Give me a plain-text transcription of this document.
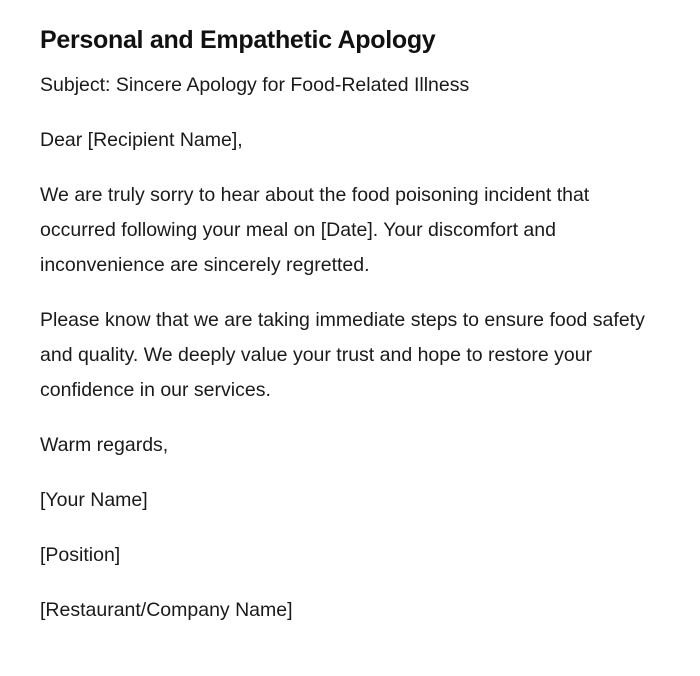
Personal and Empathetic Apology

Subject: Sincere Apology for Food-Related Illness

Dear [Recipient Name],

We are truly sorry to hear about the food poisoning incident that occurred following your meal on [Date]. Your discomfort and inconvenience are sincerely regretted.

Please know that we are taking immediate steps to ensure food safety and quality. We deeply value your trust and hope to restore your confidence in our services.

Warm regards,

[Your Name]

[Position]

[Restaurant/Company Name]
